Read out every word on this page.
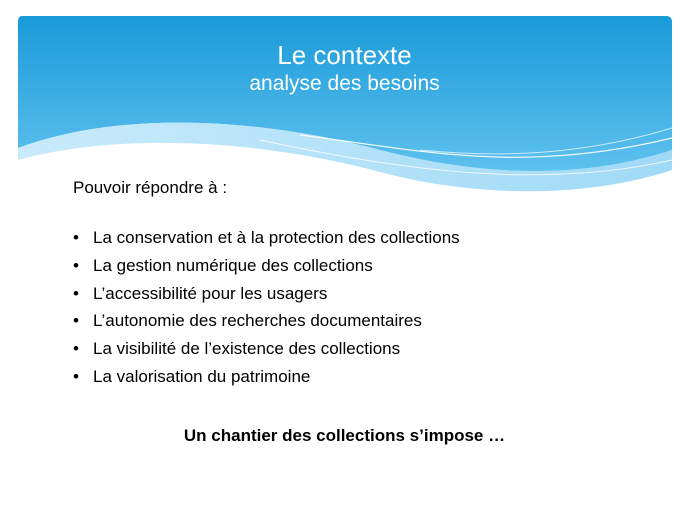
Le contexte

analyse des besoins

Pouvoir répondre à :

• La conservation et à la protection des collections
• La gestion numérique des collections
• L’accessibilité pour les usagers
• L’autonomie des recherches documentaires
• La visibilité de l’existence des collections
• La valorisation du patrimoine
Un chantier des collections s’impose …
